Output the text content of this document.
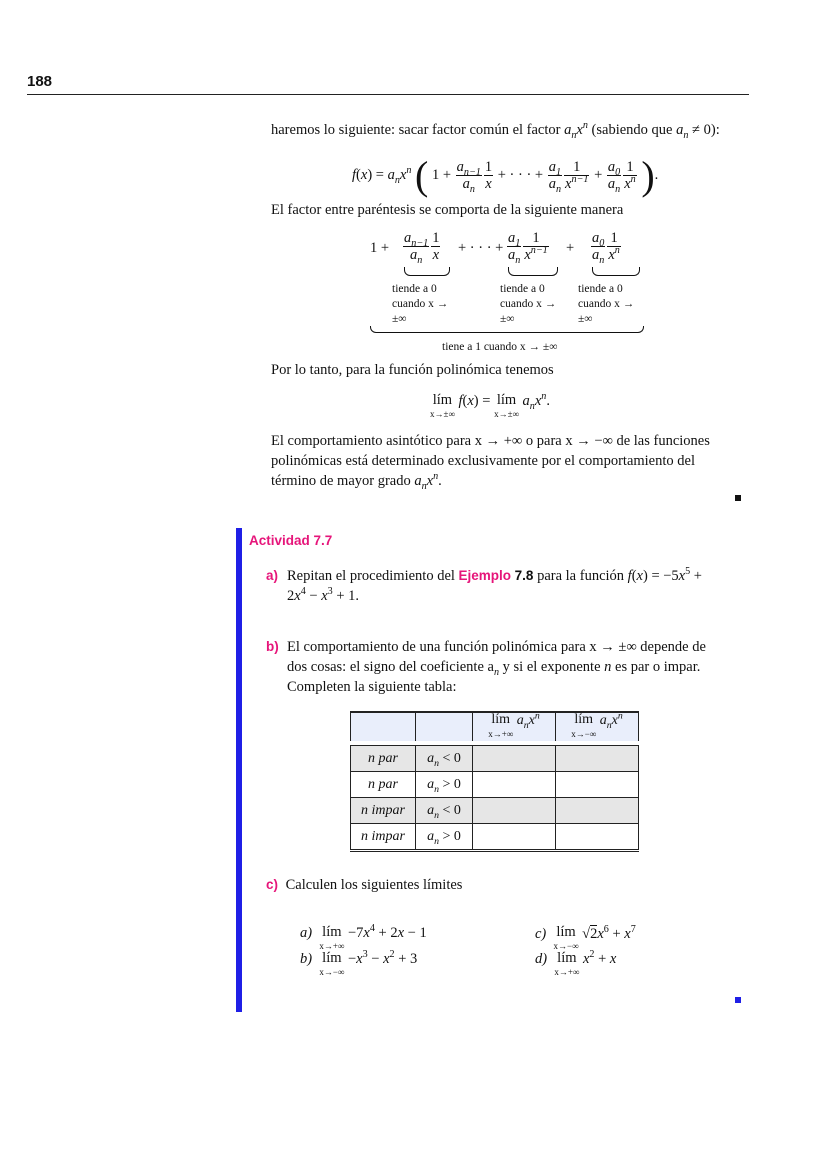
188
haremos lo siguiente: sacar factor común el factor $a_nx^n$ (sabiendo que $a_n \ne 0$):
$f(x) = a_nx^n$ ( $1 + \frac{a_{n-1}}{a_n} \frac{1}{x}$ + · · · + $\frac{a_1}{a_n} \frac{1}{x^{n-1}} + \frac{a_0}{a_n} \frac{1}{x^n}$ ).
El factor entre paréntesis se comporta de la siguiente manera
$1 + \frac{a_{n-1}}{a_n} \frac{1}{x}$ + · · · + $\frac{a_1}{a_n} \frac{1}{x^{n-1}} + \frac{a_0}{a_n} \frac{1}{x^n}$
tiende a 0
cuando x →
±∞
tiende a 0
cuando x →
±∞
tiende a 0
cuando x →
±∞
tiene a 1 cuando x → ±∞
Por lo tanto, para la función polinómica tenemos
lím
x→±∞
f(x) = lím
x→±∞
$a_nx^n$.
El comportamiento asintótico para x → +∞ o para x → −∞ de las funciones
polinómicas está determinado exclusivamente por el comportamiento del
término de mayor grado $a_nx^n$.
Actividad 7.7
a) Repitan el procedimiento del Ejemplo 7.8 para la función $f(x) = -5x^5$ +
$2x^4 - x^3 + 1$.
b) El comportamiento de una función polinómica para x → ±∞ depende de
dos cosas: el signo del coeficiente $a_n$ y si el exponente n es par o impar.
Completen la siguiente tabla:
		lím
x→+∞
$a_nx^n$	lím
x→−∞
$a_nx^n$

n par	$a_n < 0$		
n par	$a_n > 0$		
n impar	$a_n < 0$		
n impar	$a_n > 0$		
c) Calculen los siguientes límites
a) lím
x→+∞
$-7x^4 + 2x - 1$
b) lím
x→−∞
$-x^3 - x^2 + 3$
c) lím
x→−∞
$√2x^6 + x^7$
d) lím
x→+∞
$x^2 + x$
